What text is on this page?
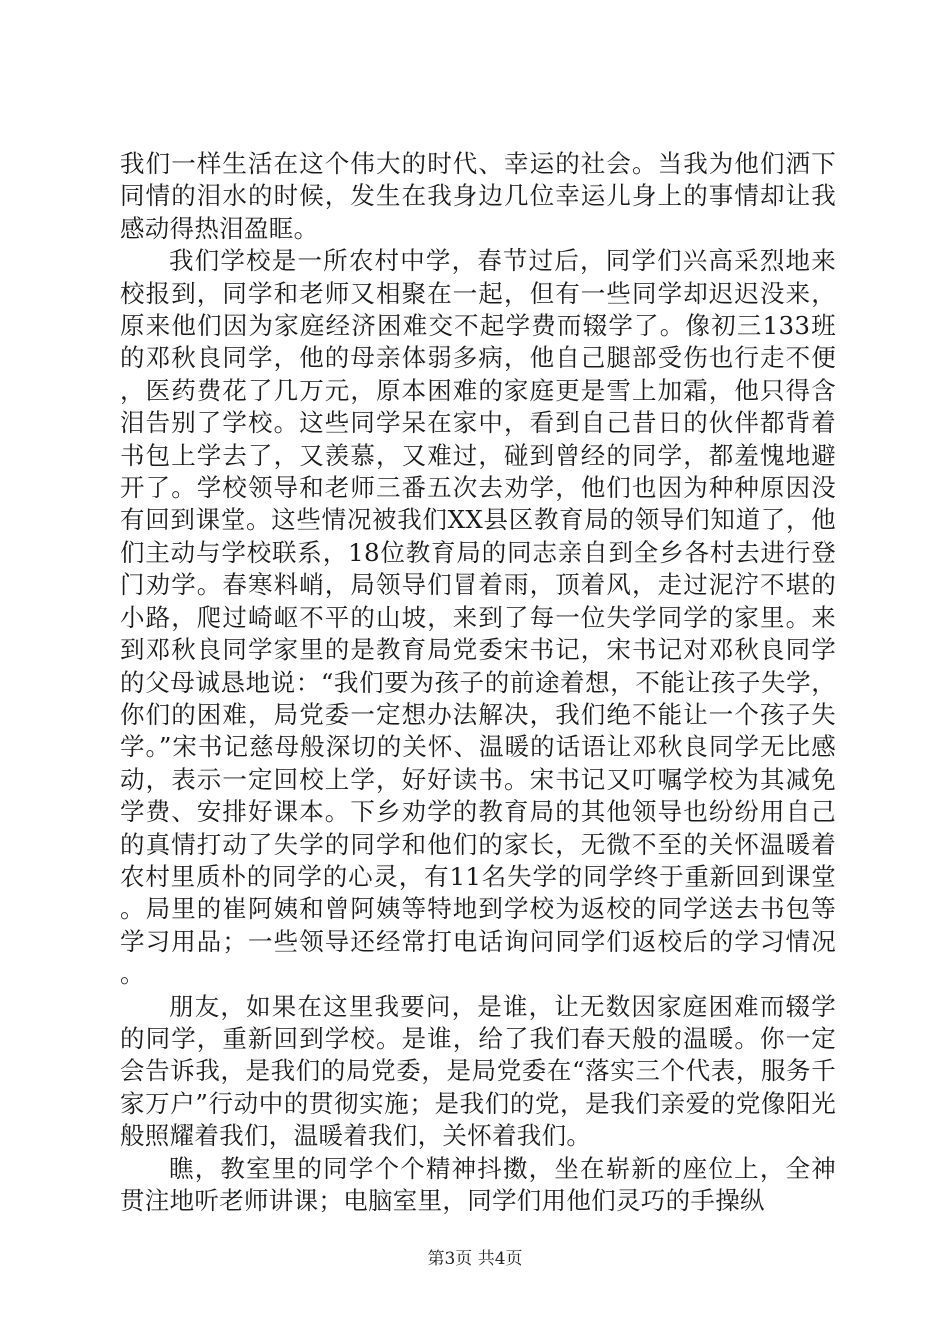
我们一样生活在这个伟大的时代、幸运的社会。当我为他们洒下同情的泪水的时候，发生在我身边几位幸运儿身上的事情却让我感动得热泪盈眶。

我们学校是一所农村中学，春节过后，同学们兴高采烈地来校报到，同学和老师又相聚在一起，但有一些同学却迟迟没来，原来他们因为家庭经济困难交不起学费而辍学了。像初三133班的邓秋良同学，他的母亲体弱多病，他自己腿部受伤也行走不便，医药费花了几万元，原本困难的家庭更是雪上加霜，他只得含泪告别了学校。这些同学呆在家中，看到自己昔日的伙伴都背着书包上学去了，又羡慕，又难过，碰到曾经的同学，都羞愧地避开了。学校领导和老师三番五次去劝学，他们也因为种种原因没有回到课堂。这些情况被我们XX县区教育局的领导们知道了，他们主动与学校联系，18位教育局的同志亲自到全乡各村去进行登门劝学。春寒料峭，局领导们冒着雨，顶着风，走过泥泞不堪的小路，爬过崎岖不平的山坡，来到了每一位失学同学的家里。来到邓秋良同学家里的是教育局党委宋书记，宋书记对邓秋良同学的父母诚恳地说：“我们要为孩子的前途着想，不能让孩子失学，你们的困难，局党委一定想办法解决，我们绝不能让一个孩子失学。”宋书记慈母般深切的关怀、温暖的话语让邓秋良同学无比感动，表示一定回校上学，好好读书。宋书记又叮嘱学校为其减免学费、安排好课本。下乡劝学的教育局的其他领导也纷纷用自己的真情打动了失学的同学和他们的家长，无微不至的关怀温暖着农村里质朴的同学的心灵，有11名失学的同学终于重新回到课堂。局里的崔阿姨和曾阿姨等特地到学校为返校的同学送去书包等学习用品；一些领导还经常打电话询问同学们返校后的学习情况。

朋友，如果在这里我要问，是谁，让无数因家庭困难而辍学的同学，重新回到学校。是谁，给了我们春天般的温暖。你一定会告诉我，是我们的局党委，是局党委在“落实三个代表，服务千家万户”行动中的贯彻实施；是我们的党，是我们亲爱的党像阳光般照耀着我们，温暖着我们，关怀着我们。

瞧，教室里的同学个个精神抖擞，坐在崭新的座位上，全神贯注地听老师讲课；电脑室里，同学们用他们灵巧的手操纵

第3页 共4页
